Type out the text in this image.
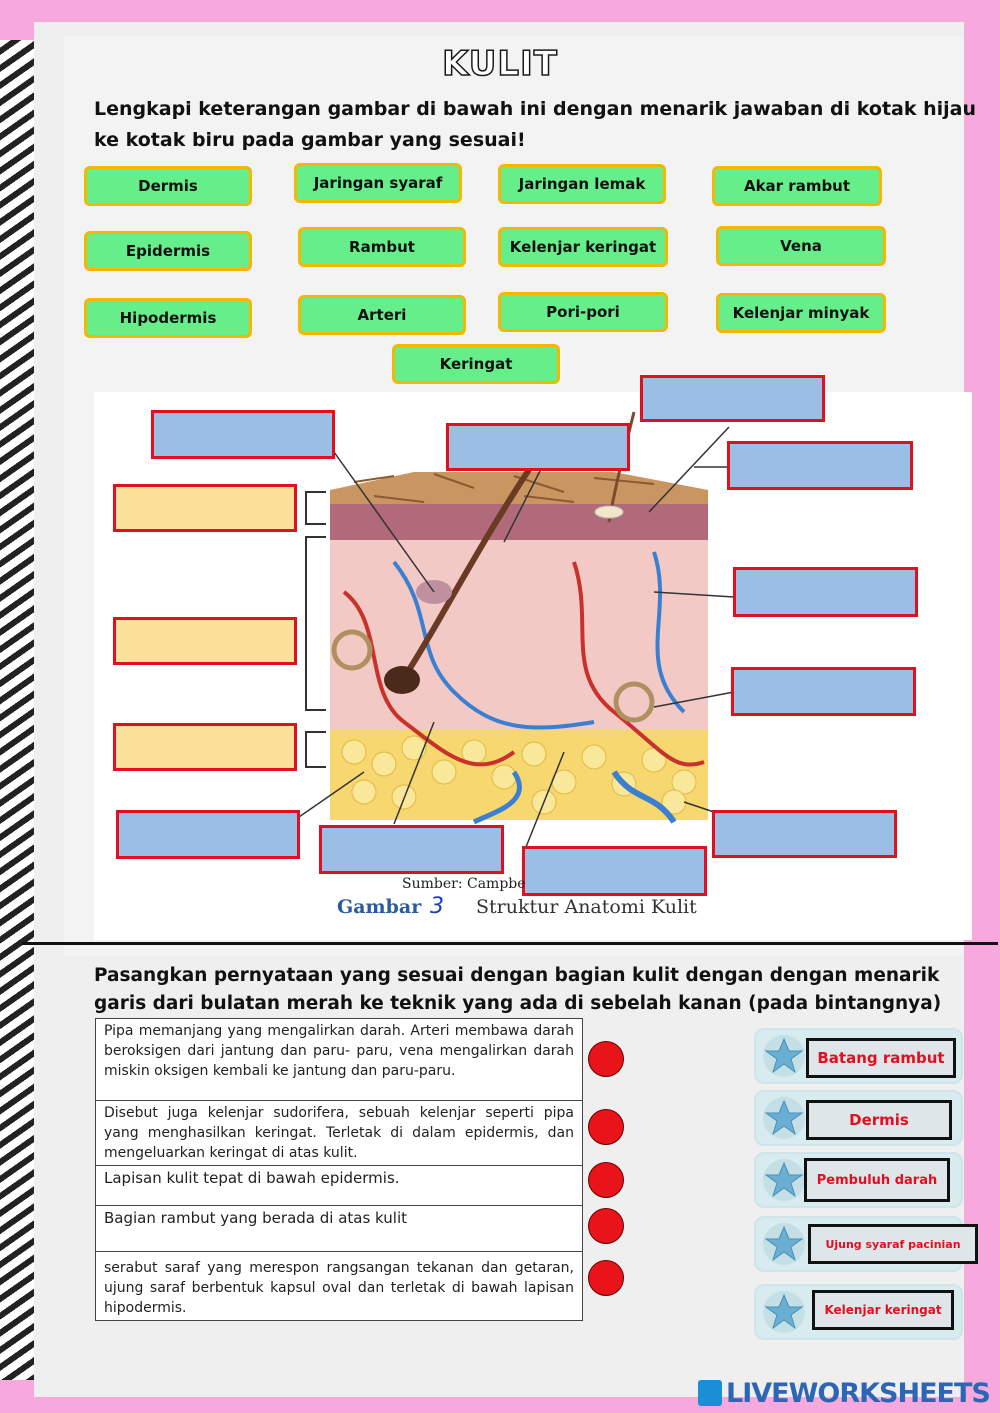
KULIT
Lengkapi keterangan gambar di bawah ini dengan menarik jawaban di kotak hijau
ke kotak biru pada gambar yang sesuai!
Dermis	Jaringan syaraf	Jaringan lemak	Akar rambut
Epidermis	Rambut	Kelenjar keringat	Vena
Hipodermis	Arteri	Pori-pori	Kelenjar minyak
Keringat
Sumber: Campbe
Gambar 3 Struktur Anatomi Kulit
Pasangkan pernyataan yang sesuai dengan bagian kulit dengan dengan menarik
garis dari bulatan merah ke teknik yang ada di sebelah kanan (pada bintangnya)
Pipa memanjang yang mengalirkan darah. Arteri membawa darah beroksigen dari jantung dan paru- paru, vena mengalirkan darah miskin oksigen kembali ke jantung dan paru-paru.
Disebut juga kelenjar sudorifera, sebuah kelenjar seperti pipa yang menghasilkan keringat. Terletak di dalam epidermis, dan mengeluarkan keringat di atas kulit.
Lapisan kulit tepat di bawah epidermis.
Bagian rambut yang berada di atas kulit
serabut saraf yang merespon rangsangan tekanan dan getaran, ujung saraf berbentuk kapsul oval dan terletak di bawah lapisan hipodermis.
Batang rambut
Dermis
Pembuluh darah
Ujung syaraf pacinian
Kelenjar keringat
LIVEWORKSHEETS
